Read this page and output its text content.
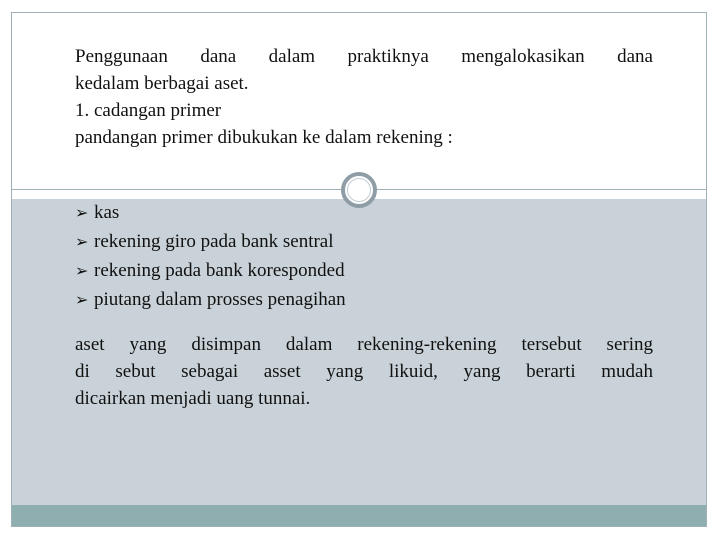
Penggunaan dana dalam praktiknya mengalokasikan dana
kedalam berbagai aset.
1. cadangan primer
pandangan primer dibukukan ke dalam rekening :
➢ kas
➢ rekening giro pada bank sentral
➢ rekening pada bank koresponded
➢ piutang dalam prosses penagihan
aset yang disimpan dalam rekening-rekening tersebut sering
di sebut sebagai asset yang likuid, yang berarti mudah
dicairkan menjadi uang tunnai.
